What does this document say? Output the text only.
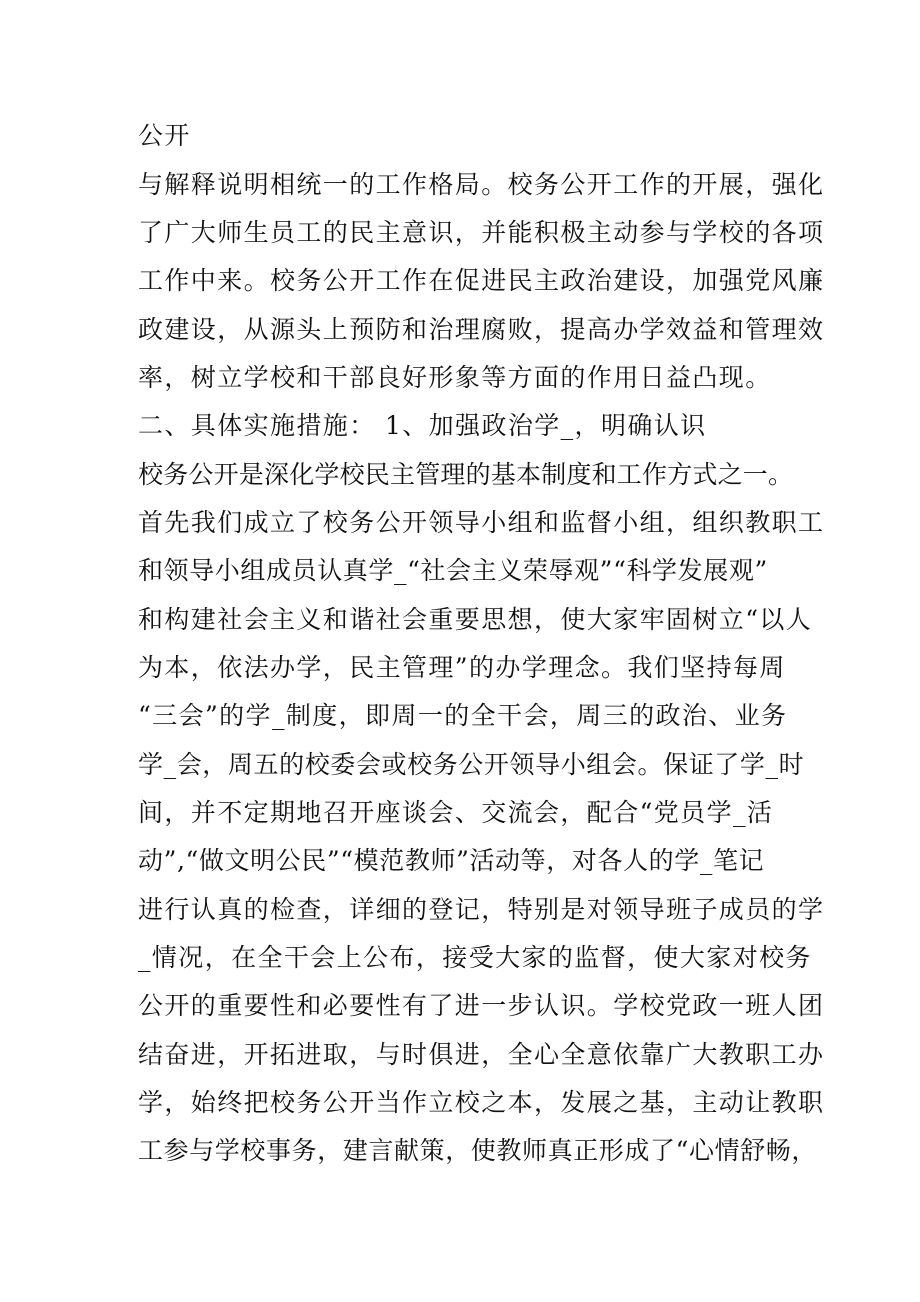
公开
与解释说明相统一的工作格局。校务公开工作的开展，强化
了广大师生员工的民主意识，并能积极主动参与学校的各项
工作中来。校务公开工作在促进民主政治建设，加强党风廉
政建设，从源头上预防和治理腐败，提高办学效益和管理效
率，树立学校和干部良好形象等方面的作用日益凸现。
二、具体实施措施： 1、加强政治学_，明确认识
校务公开是深化学校民主管理的基本制度和工作方式之一。
首先我们成立了校务公开领导小组和监督小组，组织教职工
和领导小组成员认真学_“社会主义荣辱观”“科学发展观”
和构建社会主义和谐社会重要思想，使大家牢固树立“以人
为本，依法办学，民主管理”的办学理念。我们坚持每周
“三会”的学_制度，即周一的全干会，周三的政治、业务
学_会，周五的校委会或校务公开领导小组会。保证了学_时
间，并不定期地召开座谈会、交流会，配合“党员学_活
动”,“做文明公民”“模范教师”活动等，对各人的学_笔记
进行认真的检查，详细的登记，特别是对领导班子成员的学
_情况，在全干会上公布，接受大家的监督，使大家对校务
公开的重要性和必要性有了进一步认识。学校党政一班人团
结奋进，开拓进取，与时俱进，全心全意依靠广大教职工办
学，始终把校务公开当作立校之本，发展之基，主动让教职
工参与学校事务，建言献策，使教师真正形成了“心情舒畅，
